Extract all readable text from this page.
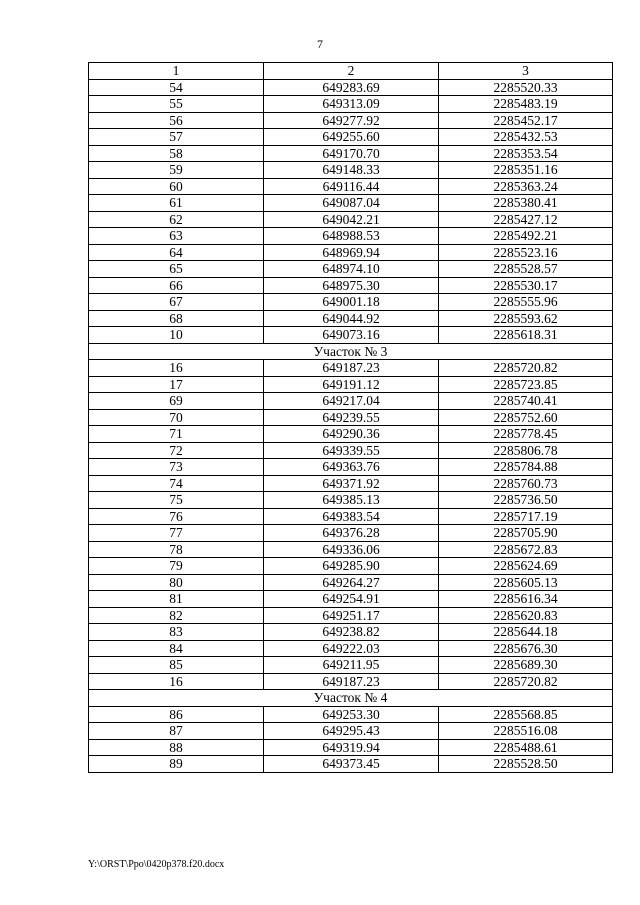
7
1	2	3
54	649283.69	2285520.33
55	649313.09	2285483.19
56	649277.92	2285452.17
57	649255.60	2285432.53
58	649170.70	2285353.54
59	649148.33	2285351.16
60	649116.44	2285363.24
61	649087.04	2285380.41
62	649042.21	2285427.12
63	648988.53	2285492.21
64	648969.94	2285523.16
65	648974.10	2285528.57
66	648975.30	2285530.17
67	649001.18	2285555.96
68	649044.92	2285593.62
10	649073.16	2285618.31
Участок № 3		
16	649187.23	2285720.82
17	649191.12	2285723.85
69	649217.04	2285740.41
70	649239.55	2285752.60
71	649290.36	2285778.45
72	649339.55	2285806.78
73	649363.76	2285784.88
74	649371.92	2285760.73
75	649385.13	2285736.50
76	649383.54	2285717.19
77	649376.28	2285705.90
78	649336.06	2285672.83
79	649285.90	2285624.69
80	649264.27	2285605.13
81	649254.91	2285616.34
82	649251.17	2285620.83
83	649238.82	2285644.18
84	649222.03	2285676.30
85	649211.95	2285689.30
16	649187.23	2285720.82
Участок № 4		
86	649253.30	2285568.85
87	649295.43	2285516.08
88	649319.94	2285488.61
89	649373.45	2285528.50
Y:\ORST\Ppo\0420p378.f20.docx
